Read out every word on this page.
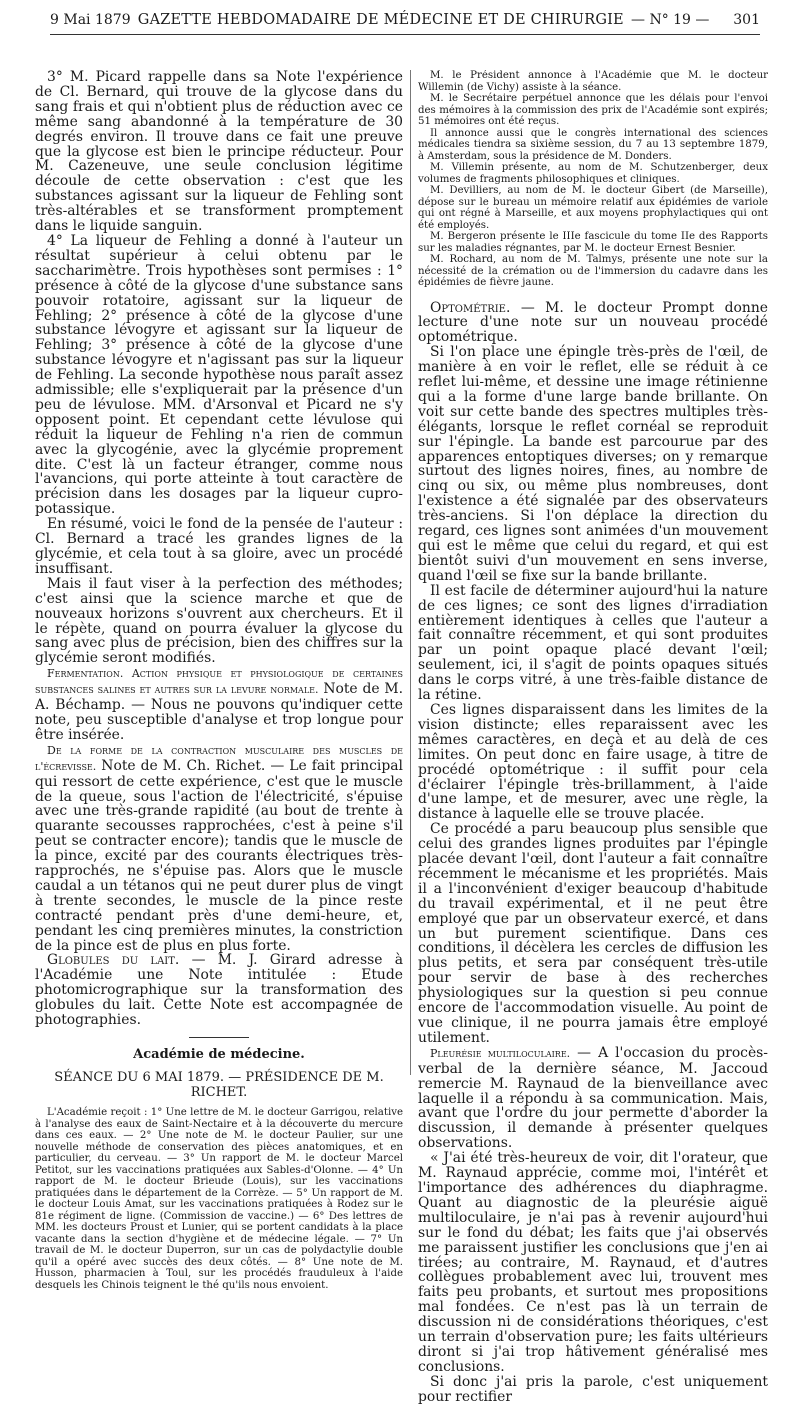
9 Mai 1879 GAZETTE HEBDOMADAIRE DE MÉDECINE ET DE CHIRURGIE — N° 19 — 301

3° M. Picard rappelle dans sa Note l'expérience de Cl. Bernard, qui trouve de la glycose dans du sang frais et qui n'obtient plus de réduction avec ce même sang abandonné à la température de 30 degrés environ. Il trouve dans ce fait une preuve que la glycose est bien le principe réducteur. Pour M. Cazeneuve, une seule conclusion légitime découle de cette observation : c'est que les substances agissant sur la liqueur de Fehling sont très-altérables et se transforment promptement dans le liquide sanguin.

4° La liqueur de Fehling a donné à l'auteur un résultat supérieur à celui obtenu par le saccharimètre. Trois hypothèses sont permises : 1° présence à côté de la glycose d'une substance sans pouvoir rotatoire, agissant sur la liqueur de Fehling; 2° présence à côté de la glycose d'une substance lévogyre et agissant sur la liqueur de Fehling; 3° présence à côté de la glycose d'une substance lévogyre et n'agissant pas sur la liqueur de Fehling. La seconde hypothèse nous paraît assez admissible; elle s'expliquerait par la présence d'un peu de lévulose. MM. d'Arsonval et Picard ne s'y opposent point. Et cependant cette lévulose qui réduit la liqueur de Fehling n'a rien de commun avec la glycogénie, avec la glycémie proprement dite. C'est là un facteur étranger, comme nous l'avancions, qui porte atteinte à tout caractère de précision dans les dosages par la liqueur cupro-potassique.

En résumé, voici le fond de la pensée de l'auteur : Cl. Bernard a tracé les grandes lignes de la glycémie, et cela tout à sa gloire, avec un procédé insuffisant.

Mais il faut viser à la perfection des méthodes; c'est ainsi que la science marche et que de nouveaux horizons s'ouvrent aux chercheurs. Et il le répète, quand on pourra évaluer la glycose du sang avec plus de précision, bien des chiffres sur la glycémie seront modifiés.

Fermentation. Action physique et physiologique de certaines substances salines et autres sur la levure normale. Note de M. A. Béchamp. — Nous ne pouvons qu'indiquer cette note, peu susceptible d'analyse et trop longue pour être insérée.

De la forme de la contraction musculaire des muscles de l'écrevisse. Note de M. Ch. Richet. — Le fait principal qui ressort de cette expérience, c'est que le muscle de la queue, sous l'action de l'électricité, s'épuise avec une très-grande rapidité (au bout de trente à quarante secousses rapprochées, c'est à peine s'il peut se contracter encore); tandis que le muscle de la pince, excité par des courants électriques très-rapprochés, ne s'épuise pas. Alors que le muscle caudal a un tétanos qui ne peut durer plus de vingt à trente secondes, le muscle de la pince reste contracté pendant près d'une demi-heure, et, pendant les cinq premières minutes, la constriction de la pince est de plus en plus forte.

Globules du lait. — M. J. Girard adresse à l'Académie une Note intitulée : Etude photomicrographique sur la transformation des globules du lait. Cette Note est accompagnée de photographies.

Académie de médecine.

SÉANCE DU 6 MAI 1879. — PRÉSIDENCE DE M. RICHET.

L'Académie reçoit : 1° Une lettre de M. le docteur Garrigou, relative à l'analyse des eaux de Saint-Nectaire et à la découverte du mercure dans ces eaux. — 2° Une note de M. le docteur Paulier, sur une nouvelle méthode de conservation des pièces anatomiques, et en particulier, du cerveau. — 3° Un rapport de M. le docteur Marcel Petitot, sur les vaccinations pratiquées aux Sables-d'Olonne. — 4° Un rapport de M. le docteur Brieude (Louis), sur les vaccinations pratiquées dans le département de la Corrèze. — 5° Un rapport de M. le docteur Louis Amat, sur les vaccinations pratiquées à Rodez sur le 81e régiment de ligne. (Commission de vaccine.) — 6° Des lettres de MM. les docteurs Proust et Lunier, qui se portent candidats à la place vacante dans la section d'hygiène et de médecine légale. — 7° Un travail de M. le docteur Duperron, sur un cas de polydactylie double qu'il a opéré avec succès des deux côtés. — 8° Une note de M. Husson, pharmacien à Toul, sur les procédés frauduleux à l'aide desquels les Chinois teignent le thé qu'ils nous envoient.

M. le Président annonce à l'Académie que M. le docteur Willemin (de Vichy) assiste à la séance.

M. le Secrétaire perpétuel annonce que les délais pour l'envoi des mémoires à la commission des prix de l'Académie sont expirés; 51 mémoires ont été reçus.

Il annonce aussi que le congrès international des sciences médicales tiendra sa sixième session, du 7 au 13 septembre 1879, à Amsterdam, sous la présidence de M. Donders.

M. Villemin présente, au nom de M. Schutzenberger, deux volumes de fragments philosophiques et cliniques.

M. Devilliers, au nom de M. le docteur Gibert (de Marseille), dépose sur le bureau un mémoire relatif aux épidémies de variole qui ont régné à Marseille, et aux moyens prophylactiques qui ont été employés.

M. Bergeron présente le IIIe fascicule du tome IIe des Rapports sur les maladies régnantes, par M. le docteur Ernest Besnier.

M. Rochard, au nom de M. Talmys, présente une note sur la nécessité de la crémation ou de l'immersion du cadavre dans les épidémies de fièvre jaune.

Optométrie. — M. le docteur Prompt donne lecture d'une note sur un nouveau procédé optométrique.

Si l'on place une épingle très-près de l'œil, de manière à en voir le reflet, elle se réduit à ce reflet lui-même, et dessine une image rétinienne qui a la forme d'une large bande brillante. On voit sur cette bande des spectres multiples très-élégants, lorsque le reflet cornéal se reproduit sur l'épingle. La bande est parcourue par des apparences entoptiques diverses; on y remarque surtout des lignes noires, fines, au nombre de cinq ou six, ou même plus nombreuses, dont l'existence a été signalée par des observateurs très-anciens. Si l'on déplace la direction du regard, ces lignes sont animées d'un mouvement qui est le même que celui du regard, et qui est bientôt suivi d'un mouvement en sens inverse, quand l'œil se fixe sur la bande brillante.

Il est facile de déterminer aujourd'hui la nature de ces lignes; ce sont des lignes d'irradiation entièrement identiques à celles que l'auteur a fait connaître récemment, et qui sont produites par un point opaque placé devant l'œil; seulement, ici, il s'agit de points opaques situés dans le corps vitré, à une très-faible distance de la rétine.

Ces lignes disparaissent dans les limites de la vision distincte; elles reparaissent avec les mêmes caractères, en deçà et au delà de ces limites. On peut donc en faire usage, à titre de procédé optométrique : il suffit pour cela d'éclairer l'épingle très-brillamment, à l'aide d'une lampe, et de mesurer, avec une règle, la distance à laquelle elle se trouve placée.

Ce procédé a paru beaucoup plus sensible que celui des grandes lignes produites par l'épingle placée devant l'œil, dont l'auteur a fait connaître récemment le mécanisme et les propriétés. Mais il a l'inconvénient d'exiger beaucoup d'habitude du travail expérimental, et il ne peut être employé que par un observateur exercé, et dans un but purement scientifique. Dans ces conditions, il décèlera les cercles de diffusion les plus petits, et sera par conséquent très-utile pour servir de base à des recherches physiologiques sur la question si peu connue encore de l'accommodation visuelle. Au point de vue clinique, il ne pourra jamais être employé utilement.

Pleurésie multiloculaire. — A l'occasion du procès-verbal de la dernière séance, M. Jaccoud remercie M. Raynaud de la bienveillance avec laquelle il a répondu à sa communication. Mais, avant que l'ordre du jour permette d'aborder la discussion, il demande à présenter quelques observations.

« J'ai été très-heureux de voir, dit l'orateur, que M. Raynaud apprécie, comme moi, l'intérêt et l'importance des adhérences du diaphragme. Quant au diagnostic de la pleurésie aiguë multiloculaire, je n'ai pas à revenir aujourd'hui sur le fond du débat; les faits que j'ai observés me paraissent justifier les conclusions que j'en ai tirées; au contraire, M. Raynaud, et d'autres collègues probablement avec lui, trouvent mes faits peu probants, et surtout mes propositions mal fondées. Ce n'est pas là un terrain de discussion ni de considérations théoriques, c'est un terrain d'observation pure; les faits ultérieurs diront si j'ai trop hâtivement généralisé mes conclusions.

Si donc j'ai pris la parole, c'est uniquement pour rectifier
